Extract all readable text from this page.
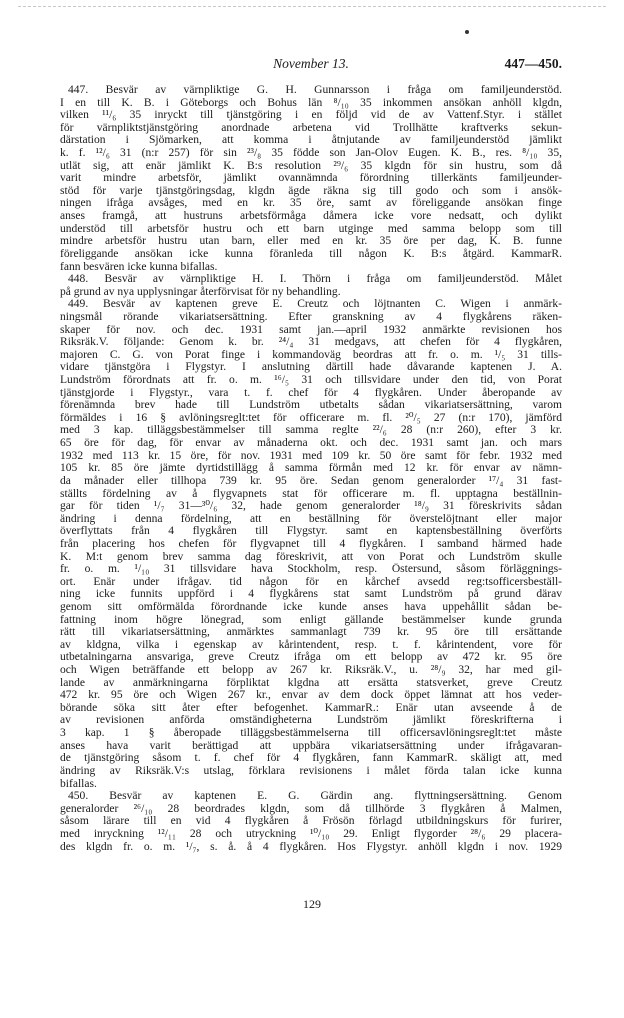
November 13.	447—450.
447. Besvär av värnpliktige G. H. Gunnarsson i fråga om familjeunderstöd.
I en till K. B. i Göteborgs och Bohus län ⁸/₁₀ 35 inkommen ansökan anhöll klgdn,
vilken ¹¹/₆ 35 inryckt till tjänstgöring i en följd vid de av Vattenf.Styr. i stället
för värnpliktstjänstgöring anordnade arbetena vid Trollhätte kraftverks sekun-
därstation i Sjömarken, att komma i åtnjutande av familjeunderstöd jämlikt
k. f. ¹²/₆ 31 (n:r 257) för sin ²³/₈ 35 födde son Jan-Olov Eugen. K. B., res. ⁸/₁₀ 35,
utlät sig, att enär jämlikt K. B:s resolution ²⁹/₆ 35 klgdn för sin hustru, som då
varit mindre arbetsför, jämlikt ovannämnda förordning tillerkänts familjeunder-
stöd för varje tjänstgöringsdag, klgdn ägde räkna sig till godo och som i ansök-
ningen ifråga avsåges, med en kr. 35 öre, samt av föreliggande ansökan finge
anses framgå, att hustruns arbetsförmåga dåmera icke vore nedsatt, och dylikt
understöd till arbetsför hustru och ett barn utginge med samma belopp som till
mindre arbetsför hustru utan barn, eller med en kr. 35 öre per dag, K. B. funne
föreliggande ansökan icke kunna föranleda till någon K. B:s åtgärd. KammarR.
fann besvären icke kunna bifallas.
448. Besvär av värnpliktige H. I. Thörn i fråga om familjeunderstöd. Målet
på grund av nya upplysningar återförvisat för ny behandling.
449. Besvär av kaptenen greve E. Creutz och löjtnanten C. Wigen i anmärk-
ningsmål rörande vikariatsersättning. Efter granskning av 4 flygkårens räken-
skaper för nov. och dec. 1931 samt jan.—april 1932 anmärkte revisionen hos
Riksräk.V. följande: Genom k. br. ²⁴/₄ 31 medgavs, att chefen för 4 flygkåren,
majoren C. G. von Porat finge i kommandoväg beordras att fr. o. m. ¹/₅ 31 tills-
vidare tjänstgöra i Flygstyr. I anslutning därtill hade dåvarande kaptenen J. A.
Lundström förordnats att fr. o. m. ¹⁶/₅ 31 och tillsvidare under den tid, von Porat
tjänstgjorde i Flygstyr., vara t. f. chef för 4 flygkåren. Under åberopande av
förenämnda brev hade till Lundström utbetalts sådan vikariatsersättning, varom
förmäldes i 16 § avlöningsreglt:tet för officerare m. fl. ²⁰/₅ 27 (n:r 170), jämförd
med 3 kap. tilläggsbestämmelser till samma reglte ²²/₆ 28 (n:r 260), efter 3 kr.
65 öre för dag, för envar av månaderna okt. och dec. 1931 samt jan. och mars
1932 med 113 kr. 15 öre, för nov. 1931 med 109 kr. 50 öre samt för febr. 1932 med
105 kr. 85 öre jämte dyrtidstillägg å samma förmån med 12 kr. för envar av nämn-
da månader eller tillhopa 739 kr. 95 öre. Sedan genom generalorder ¹⁷/₄ 31 fast-
ställts fördelning av å flygvapnets stat för officerare m. fl. upptagna beställnin-
gar för tiden ¹/₇ 31—³⁰/₆ 32, hade genom generalorder ¹⁸/₉ 31 föreskrivits sådan
ändring i denna fördelning, att en beställning för överstelöjtnant eller major
överflyttats från 4 flygkåren till Flygstyr. samt en kaptensbeställning överförts
från placering hos chefen för flygvapnet till 4 flygkåren. I samband härmed hade
K. M:t genom brev samma dag föreskrivit, att von Porat och Lundström skulle
fr. o. m. ¹/₁₀ 31 tillsvidare hava Stockholm, resp. Östersund, såsom förläggnings-
ort. Enär under ifrågav. tid någon för en kårchef avsedd reg:tsofficersbeställ-
ning icke funnits uppförd i 4 flygkårens stat samt Lundström på grund därav
genom sitt omförmälda förordnande icke kunde anses hava uppehållit sådan be-
fattning inom högre lönegrad, som enligt gällande bestämmelser kunde grunda
rätt till vikariatsersättning, anmärktes sammanlagt 739 kr. 95 öre till ersättande
av kldgna, vilka i egenskap av kårintendent, resp. t. f. kårintendent, vore för
utbetalningarna ansvariga, greve Creutz ifråga om ett belopp av 472 kr. 95 öre
och Wigen beträffande ett belopp av 267 kr. Riksräk.V., u. ²⁸/₉ 32, har med gil-
lande av anmärkningarna förpliktat klgdna att ersätta statsverket, greve Creutz
472 kr. 95 öre och Wigen 267 kr., envar av dem dock öppet lämnat att hos veder-
börande söka sitt åter efter befogenhet. KammarR.: Enär utan avseende å de
av revisionen anförda omständigheterna Lundström jämlikt föreskrifterna i
3 kap. 1 § åberopade tilläggsbestämmelserna till officersavlöningsreglt:tet måste
anses hava varit berättigad att uppbära vikariatsersättning under ifrågavaran-
de tjänstgöring såsom t. f. chef för 4 flygkåren, fann KammarR. skäligt att, med
ändring av Riksräk.V:s utslag, förklara revisionens i målet förda talan icke kunna
bifallas.
450. Besvär av kaptenen E. G. Gärdin ang. flyttningsersättning. Genom
generalorder ²⁶/₁₀ 28 beordrades klgdn, som då tillhörde 3 flygkåren å Malmen,
såsom lärare till en vid 4 flygkåren å Frösön förlagd utbildningskurs för furirer,
med inryckning ¹²/₁₁ 28 och utryckning ¹⁰/₁₀ 29. Enligt flygorder ²⁸/₆ 29 placera-
des klgdn fr. o. m. ¹/₇, s. å. å 4 flygkåren. Hos Flygstyr. anhöll klgdn i nov. 1929
129
